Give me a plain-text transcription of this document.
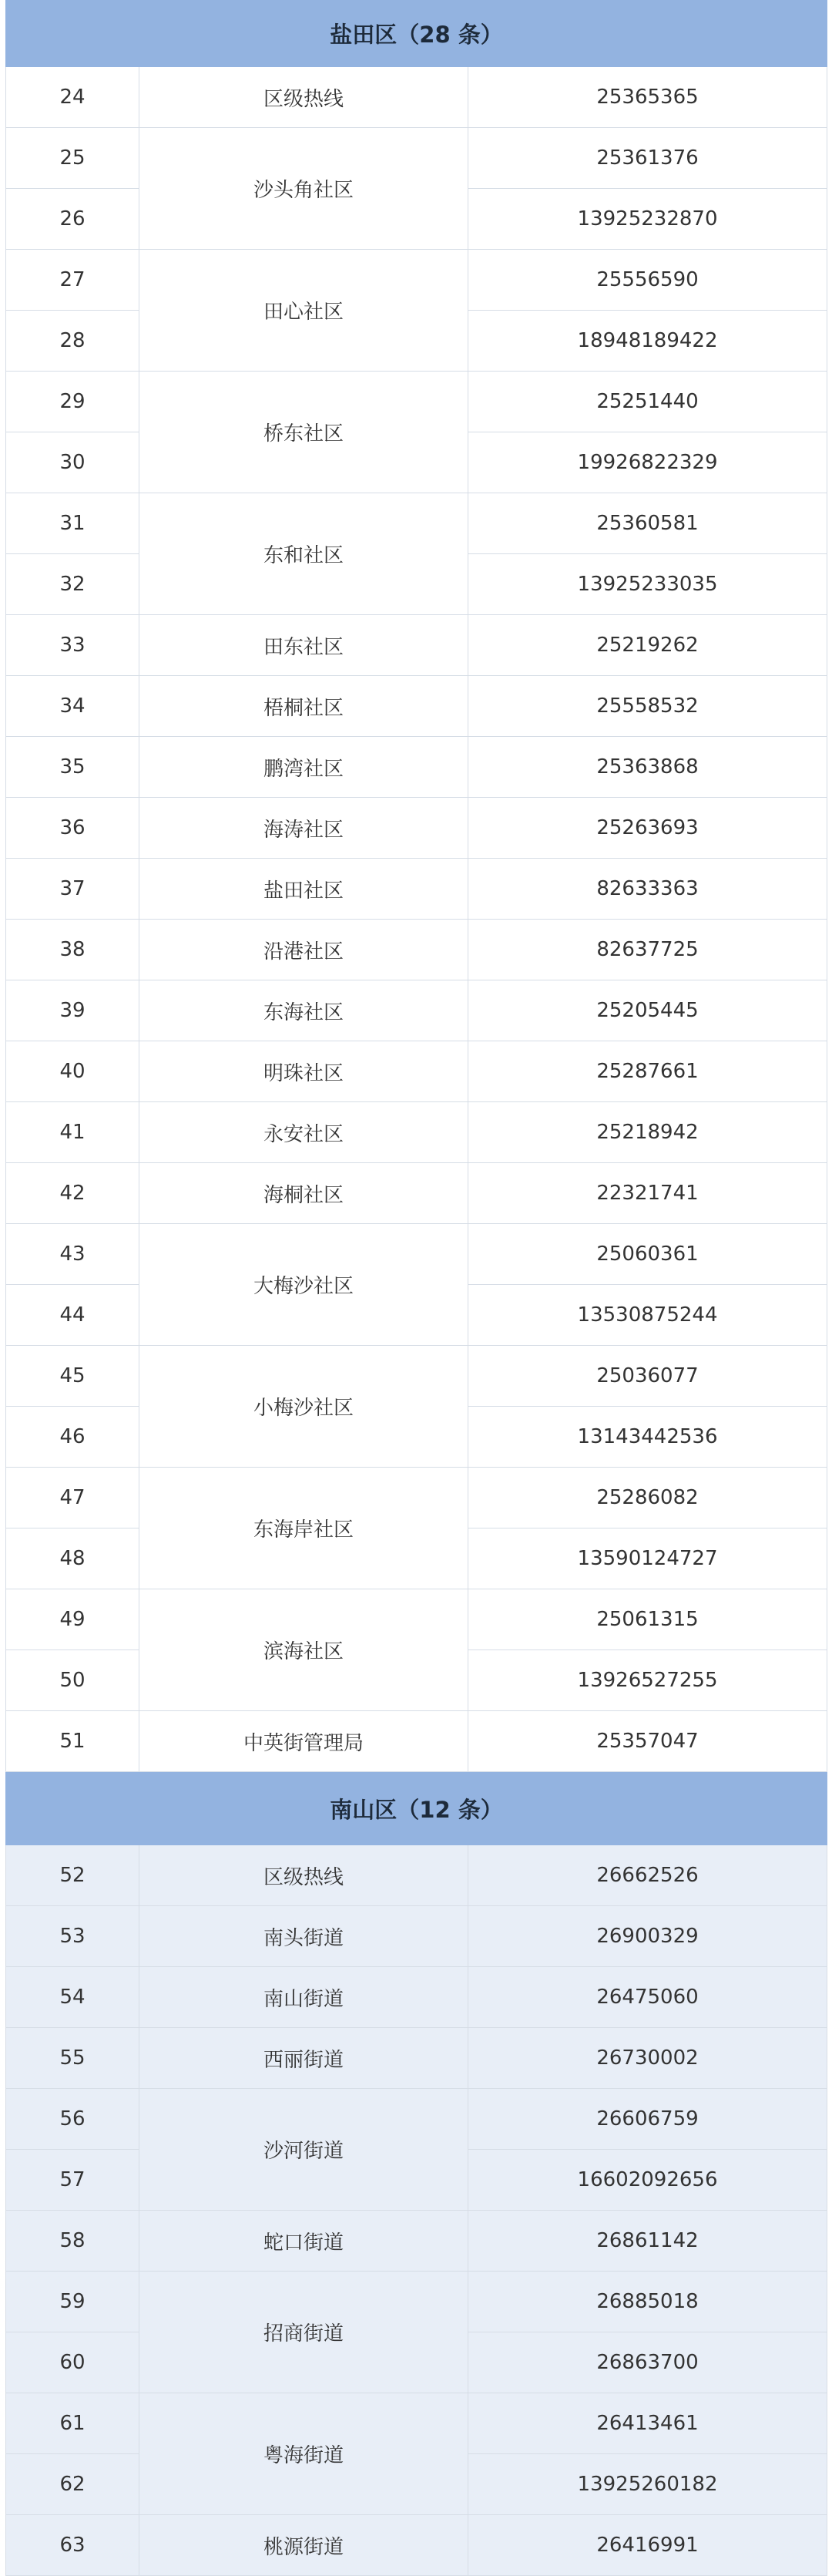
盐田区（28 条）		
24	区级热线	25365365
25	沙头角社区	25361376
26		13925232870
27	田心社区	25556590
28		18948189422
29	桥东社区	25251440
30		19926822329
31	东和社区	25360581
32		13925233035
33	田东社区	25219262
34	梧桐社区	25558532
35	鹏湾社区	25363868
36	海涛社区	25263693
37	盐田社区	82633363
38	沿港社区	82637725
39	东海社区	25205445
40	明珠社区	25287661
41	永安社区	25218942
42	海桐社区	22321741
43	大梅沙社区	25060361
44		13530875244
45	小梅沙社区	25036077
46		13143442536
47	东海岸社区	25286082
48		13590124727
49	滨海社区	25061315
50		13926527255
51	中英街管理局	25357047
南山区（12 条）		
52	区级热线	26662526
53	南头街道	26900329
54	南山街道	26475060
55	西丽街道	26730002
56	沙河街道	26606759
57		16602092656
58	蛇口街道	26861142
59	招商街道	26885018
60		26863700
61	粤海街道	26413461
62		13925260182
63	桃源街道	26416991
